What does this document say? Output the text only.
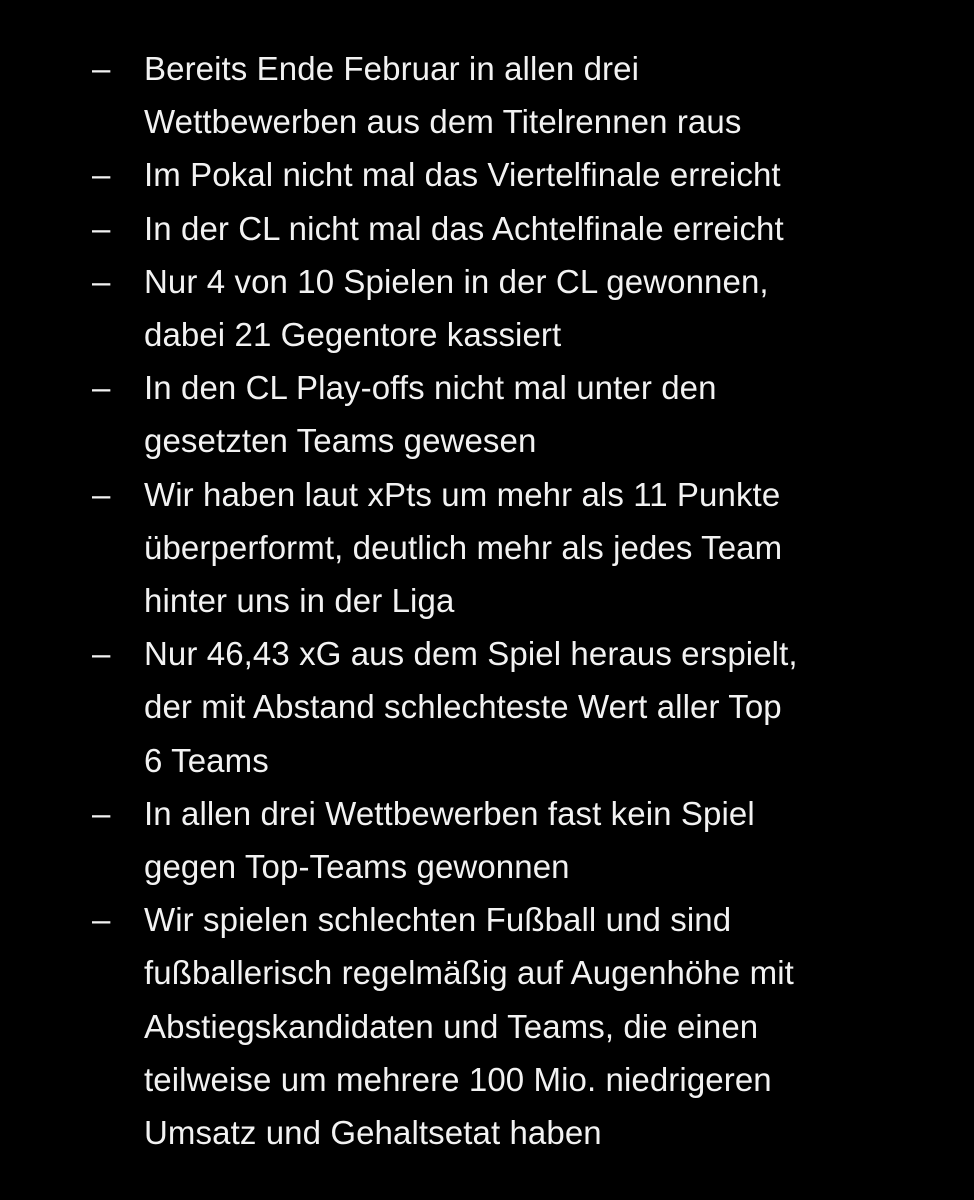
–	Bereits Ende Februar in allen drei
Wettbewerben aus dem Titelrennen raus
–	Im Pokal nicht mal das Viertelfinale erreicht
–	In der CL nicht mal das Achtelfinale erreicht
–	Nur 4 von 10 Spielen in der CL gewonnen,
dabei 21 Gegentore kassiert
–	In den CL Play-offs nicht mal unter den
gesetzten Teams gewesen
–	Wir haben laut xPts um mehr als 11 Punkte
überperformt, deutlich mehr als jedes Team
hinter uns in der Liga
–	Nur 46,43 xG aus dem Spiel heraus erspielt,
der mit Abstand schlechteste Wert aller Top
6 Teams
–	In allen drei Wettbewerben fast kein Spiel
gegen Top-Teams gewonnen
–	Wir spielen schlechten Fußball und sind
fußballerisch regelmäßig auf Augenhöhe mit
Abstiegskandidaten und Teams, die einen
teilweise um mehrere 100 Mio. niedrigeren
Umsatz und Gehaltsetat haben
